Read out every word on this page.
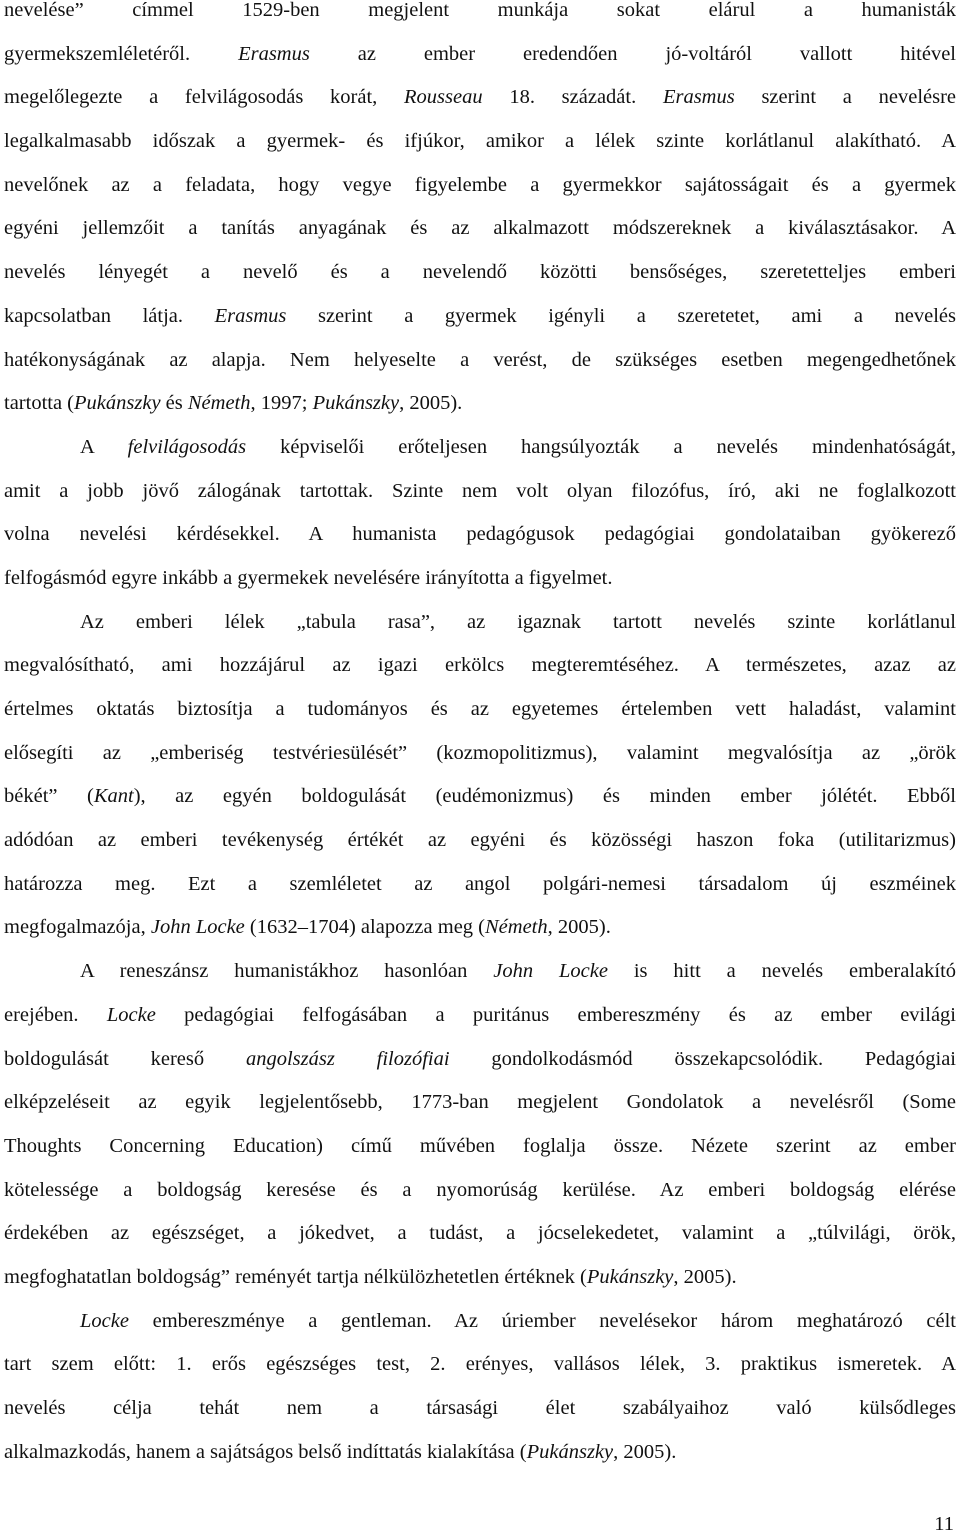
nevelése” címmel 1529-ben megjelent munkája sokat elárul a humanisták
gyermekszemléletéről. Erasmus az ember eredendően jó-voltáról vallott hitével
megelőlegezte a felvilágosodás korát, Rousseau 18. századát. Erasmus szerint a nevelésre
legalkalmasabb időszak a gyermek- és ifjúkor, amikor a lélek szinte korlátlanul alakítható. A
nevelőnek az a feladata, hogy vegye figyelembe a gyermekkor sajátosságait és a gyermek
egyéni jellemzőit a tanítás anyagának és az alkalmazott módszereknek a kiválasztásakor. A
nevelés lényegét a nevelő és a nevelendő közötti bensőséges, szeretetteljes emberi
kapcsolatban látja. Erasmus szerint a gyermek igényli a szeretetet, ami a nevelés
hatékonyságának az alapja. Nem helyeselte a verést, de szükséges esetben megengedhetőnek
tartotta (Pukánszky és Németh, 1997; Pukánszky, 2005).
A felvilágosodás képviselői erőteljesen hangsúlyozták a nevelés mindenhatóságát,
amit a jobb jövő zálogának tartottak. Szinte nem volt olyan filozófus, író, aki ne foglalkozott
volna nevelési kérdésekkel. A humanista pedagógusok pedagógiai gondolataiban gyökerező
felfogásmód egyre inkább a gyermekek nevelésére irányította a figyelmet.
Az emberi lélek „tabula rasa”, az igaznak tartott nevelés szinte korlátlanul
megvalósítható, ami hozzájárul az igazi erkölcs megteremtéséhez. A természetes, azaz az
értelmes oktatás biztosítja a tudományos és az egyetemes értelemben vett haladást, valamint
elősegíti az „emberiség testvériesülését” (kozmopolitizmus), valamint megvalósítja az „örök
békét” (Kant), az egyén boldogulását (eudémonizmus) és minden ember jólétét. Ebből
adódóan az emberi tevékenység értékét az egyéni és közösségi haszon foka (utilitarizmus)
határozza meg. Ezt a szemléletet az angol polgári-nemesi társadalom új eszméinek
megfogalmazója, John Locke (1632–1704) alapozza meg (Németh, 2005).
A reneszánsz humanistákhoz hasonlóan John Locke is hitt a nevelés emberalakító
erejében. Locke pedagógiai felfogásában a puritánus embereszmény és az ember evilági
boldogulását kereső angolszász filozófiai gondolkodásmód összekapcsolódik. Pedagógiai
elképzeléseit az egyik legjelentősebb, 1773-ban megjelent Gondolatok a nevelésről (Some
Thoughts Concerning Education) című művében foglalja össze. Nézete szerint az ember
kötelessége a boldogság keresése és a nyomorúság kerülése. Az emberi boldogság elérése
érdekében az egészséget, a jókedvet, a tudást, a jócselekedetet, valamint a „túlvilági, örök,
megfoghatatlan boldogság” reményét tartja nélkülözhetetlen értéknek (Pukánszky, 2005).
Locke embereszménye a gentleman. Az úriember nevelésekor három meghatározó célt
tart szem előtt: 1. erős egészséges test, 2. erényes, vallásos lélek, 3. praktikus ismeretek. A
nevelés célja tehát nem a társasági élet szabályaihoz való külsődleges
alkalmazkodás, hanem a sajátságos belső indíttatás kialakítása (Pukánszky, 2005).
11
